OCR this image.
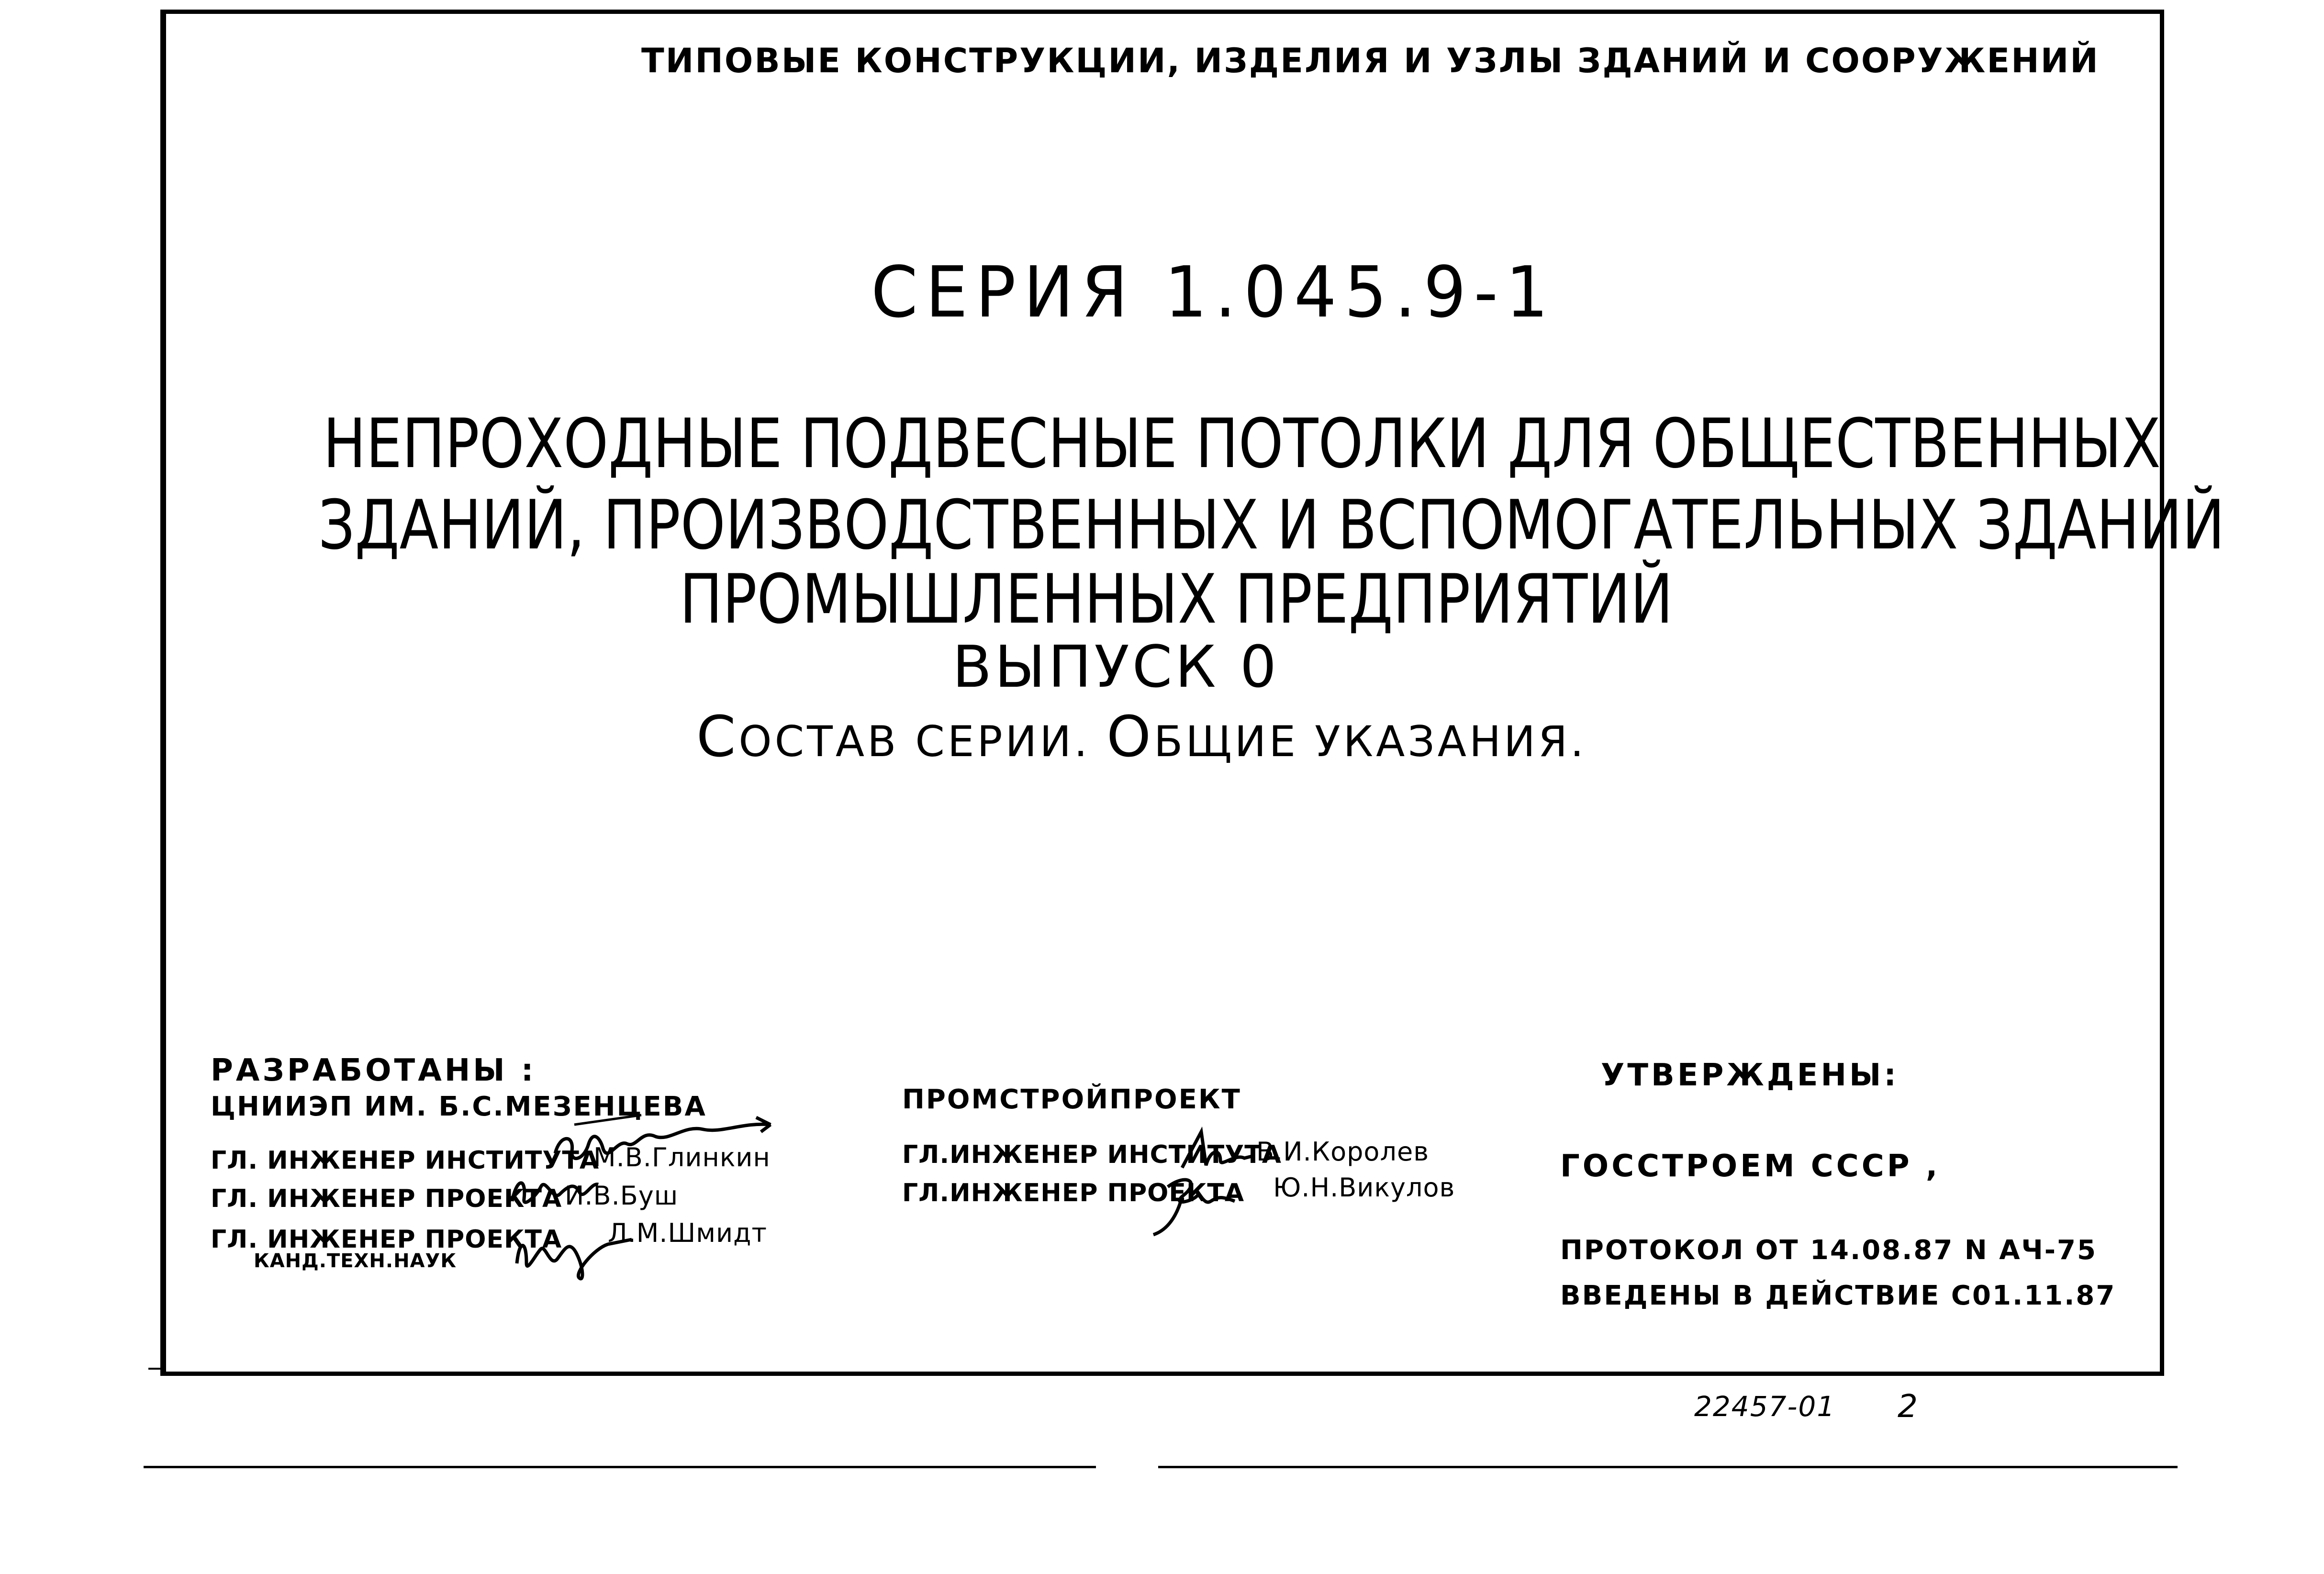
ТИПОВЫЕ КОНСТРУКЦИИ, ИЗДЕЛИЯ И УЗЛЫ ЗДАНИЙ И СООРУЖЕНИЙ
СЕРИЯ 1.045.9-1
НЕПРОХОДНЫЕ ПОДВЕСНЫЕ ПОТОЛКИ ДЛЯ ОБЩЕСТВЕННЫХ
ЗДАНИЙ, ПРОИЗВОДСТВЕННЫХ И ВСПОМОГАТЕЛЬНЫХ ЗДАНИЙ
ПРОМЫШЛЕННЫХ ПРЕДПРИЯТИЙ
ВЫПУСК 0
СОСТАВ СЕРИИ. ОБЩИЕ УКАЗАНИЯ.
РАЗРАБОТАНЫ :
ЦНИИЭП ИМ. Б.С.МЕЗЕНЦЕВА
ГЛ. ИНЖЕНЕР ИНСТИТУТА
М.В.Глинкин
ГЛ. ИНЖЕНЕР ПРОЕКТА И.В.Буш
ГЛ. ИНЖЕНЕР ПРОЕКТА
КАНД.ТЕХН.НАУК
Л.М.Шмидт
ПРОМСТРОЙПРОЕКТ
ГЛ.ИНЖЕНЕР ИНСТИТУТА
В.И.Королев
ГЛ.ИНЖЕНЕР ПРОЕКТА Ю.Н.Викулов
УТВЕРЖДЕНЫ:
ГОССТРОЕМ СССР ,
ПРОТОКОЛ ОТ 14.08.87 N АЧ-75
ВВЕДЕНЫ В ДЕЙСТВИЕ С01.11.87
22457-01 2
